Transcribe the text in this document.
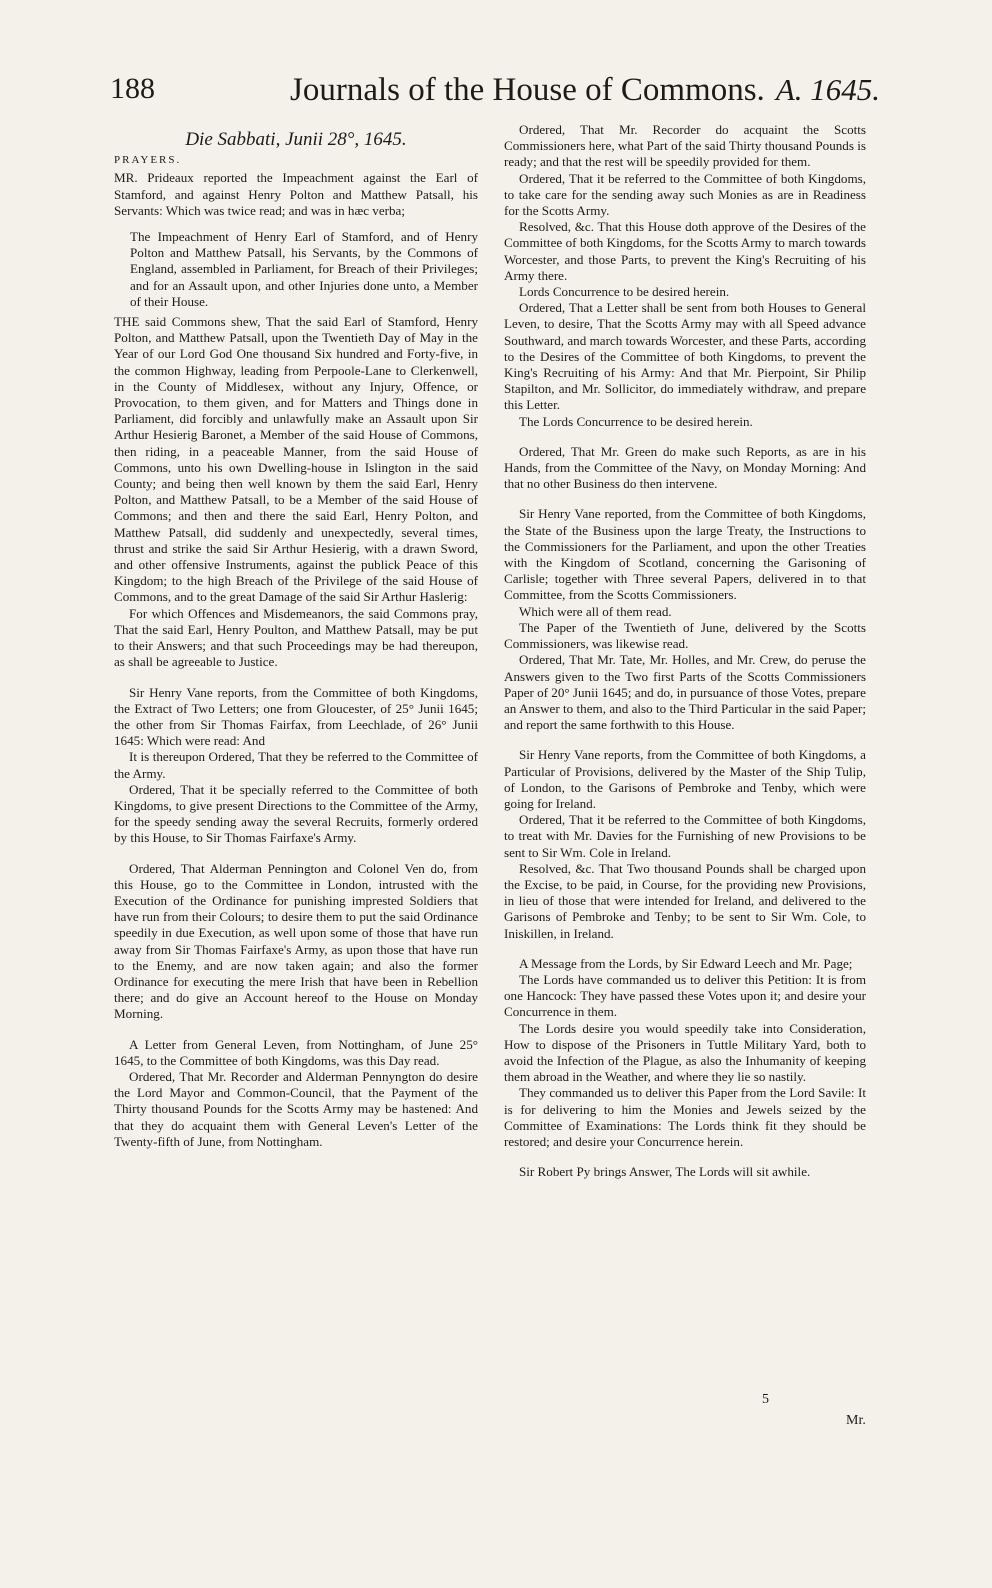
188	Journals of the House of Commons. A. 1645.

Die Sabbati, Junii 28°, 1645.

PRAYERS.

MR. Prideaux reported the Impeachment against the Earl of Stamford, and against Henry Polton and Matthew Patsall, his Servants: Which was twice read; and was in hæc verba;

The Impeachment of Henry Earl of Stamford, and of Henry Polton and Matthew Patsall, his Servants, by the Commons of England, assembled in Parliament, for Breach of their Privileges; and for an Assault upon, and other Injuries done unto, a Member of their House.

THE said Commons shew, That the said Earl of Stamford, Henry Polton, and Matthew Patsall, upon the Twentieth Day of May in the Year of our Lord God One thousand Six hundred and Forty-five, in the common Highway, leading from Perpoole-Lane to Clerkenwell, in the County of Middlesex, without any Injury, Offence, or Provocation, to them given, and for Matters and Things done in Parliament, did forcibly and unlawfully make an Assault upon Sir Arthur Hesierig Baronet, a Member of the said House of Commons, then riding, in a peaceable Manner, from the said House of Commons, unto his own Dwelling-house in Islington in the said County; and being then well known by them the said Earl, Henry Polton, and Matthew Patsall, to be a Member of the said House of Commons; and then and there the said Earl, Henry Polton, and Matthew Patsall, did suddenly and unexpectedly, several times, thrust and strike the said Sir Arthur Hesierig, with a drawn Sword, and other offensive Instruments, against the publick Peace of this Kingdom; to the high Breach of the Privilege of the said House of Commons, and to the great Damage of the said Sir Arthur Haslerig:

For which Offences and Misdemeanors, the said Commons pray, That the said Earl, Henry Poulton, and Matthew Patsall, may be put to their Answers; and that such Proceedings may be had thereupon, as shall be agreeable to Justice.

Sir Henry Vane reports, from the Committee of both Kingdoms, the Extract of Two Letters; one from Gloucester, of 25° Junii 1645; the other from Sir Thomas Fairfax, from Leechlade, of 26° Junii 1645: Which were read: And

It is thereupon Ordered, That they be referred to the Committee of the Army.

Ordered, That it be specially referred to the Committee of both Kingdoms, to give present Directions to the Committee of the Army, for the speedy sending away the several Recruits, formerly ordered by this House, to Sir Thomas Fairfaxe's Army.

Ordered, That Alderman Pennington and Colonel Ven do, from this House, go to the Committee in London, intrusted with the Execution of the Ordinance for punishing imprested Soldiers that have run from their Colours; to desire them to put the said Ordinance speedily in due Execution, as well upon some of those that have run away from Sir Thomas Fairfaxe's Army, as upon those that have run to the Enemy, and are now taken again; and also the former Ordinance for executing the mere Irish that have been in Rebellion there; and do give an Account hereof to the House on Monday Morning.

A Letter from General Leven, from Nottingham, of June 25° 1645, to the Committee of both Kingdoms, was this Day read.

Ordered, That Mr. Recorder and Alderman Pennyngton do desire the Lord Mayor and Common-Council, that the Payment of the Thirty thousand Pounds for the Scotts Army may be hastened: And that they do acquaint them with General Leven's Letter of the Twenty-fifth of June, from Nottingham.

Ordered, That Mr. Recorder do acquaint the Scotts Commissioners here, what Part of the said Thirty thousand Pounds is ready; and that the rest will be speedily provided for them.

Ordered, That it be referred to the Committee of both Kingdoms, to take care for the sending away such Monies as are in Readiness for the Scotts Army.

Resolved, &c. That this House doth approve of the Desires of the Committee of both Kingdoms, for the Scotts Army to march towards Worcester, and those Parts, to prevent the King's Recruiting of his Army there.

Lords Concurrence to be desired herein.

Ordered, That a Letter shall be sent from both Houses to General Leven, to desire, That the Scotts Army may with all Speed advance Southward, and march towards Worcester, and these Parts, according to the Desires of the Committee of both Kingdoms, to prevent the King's Recruiting of his Army: And that Mr. Pierpoint, Sir Philip Stapilton, and Mr. Sollicitor, do immediately withdraw, and prepare this Letter.

The Lords Concurrence to be desired herein.

Ordered, That Mr. Green do make such Reports, as are in his Hands, from the Committee of the Navy, on Monday Morning: And that no other Business do then intervene.

Sir Henry Vane reported, from the Committee of both Kingdoms, the State of the Business upon the large Treaty, the Instructions to the Commissioners for the Parliament, and upon the other Treaties with the Kingdom of Scotland, concerning the Garisoning of Carlisle; together with Three several Papers, delivered in to that Committee, from the Scotts Commissioners.

Which were all of them read.

The Paper of the Twentieth of June, delivered by the Scotts Commissioners, was likewise read.

Ordered, That Mr. Tate, Mr. Holles, and Mr. Crew, do peruse the Answers given to the Two first Parts of the Scotts Commissioners Paper of 20° Junii 1645; and do, in pursuance of those Votes, prepare an Answer to them, and also to the Third Particular in the said Paper; and report the same forthwith to this House.

Sir Henry Vane reports, from the Committee of both Kingdoms, a Particular of Provisions, delivered by the Master of the Ship Tulip, of London, to the Garisons of Pembroke and Tenby, which were going for Ireland.

Ordered, That it be referred to the Committee of both Kingdoms, to treat with Mr. Davies for the Furnishing of new Provisions to be sent to Sir Wm. Cole in Ireland.

Resolved, &c. That Two thousand Pounds shall be charged upon the Excise, to be paid, in Course, for the providing new Provisions, in lieu of those that were intended for Ireland, and delivered to the Garisons of Pembroke and Tenby; to be sent to Sir Wm. Cole, to Iniskillen, in Ireland.

A Message from the Lords, by Sir Edward Leech and Mr. Page;

The Lords have commanded us to deliver this Petition: It is from one Hancock: They have passed these Votes upon it; and desire your Concurrence in them.

The Lords desire you would speedily take into Consideration, How to dispose of the Prisoners in Tuttle Military Yard, both to avoid the Infection of the Plague, as also the Inhumanity of keeping them abroad in the Weather, and where they lie so nastily.

They commanded us to deliver this Paper from the Lord Savile: It is for delivering to him the Monies and Jewels seized by the Committee of Examinations: The Lords think fit they should be restored; and desire your Concurrence herein.

Sir Robert Py brings Answer, The Lords will sit awhile.

5
Mr.
